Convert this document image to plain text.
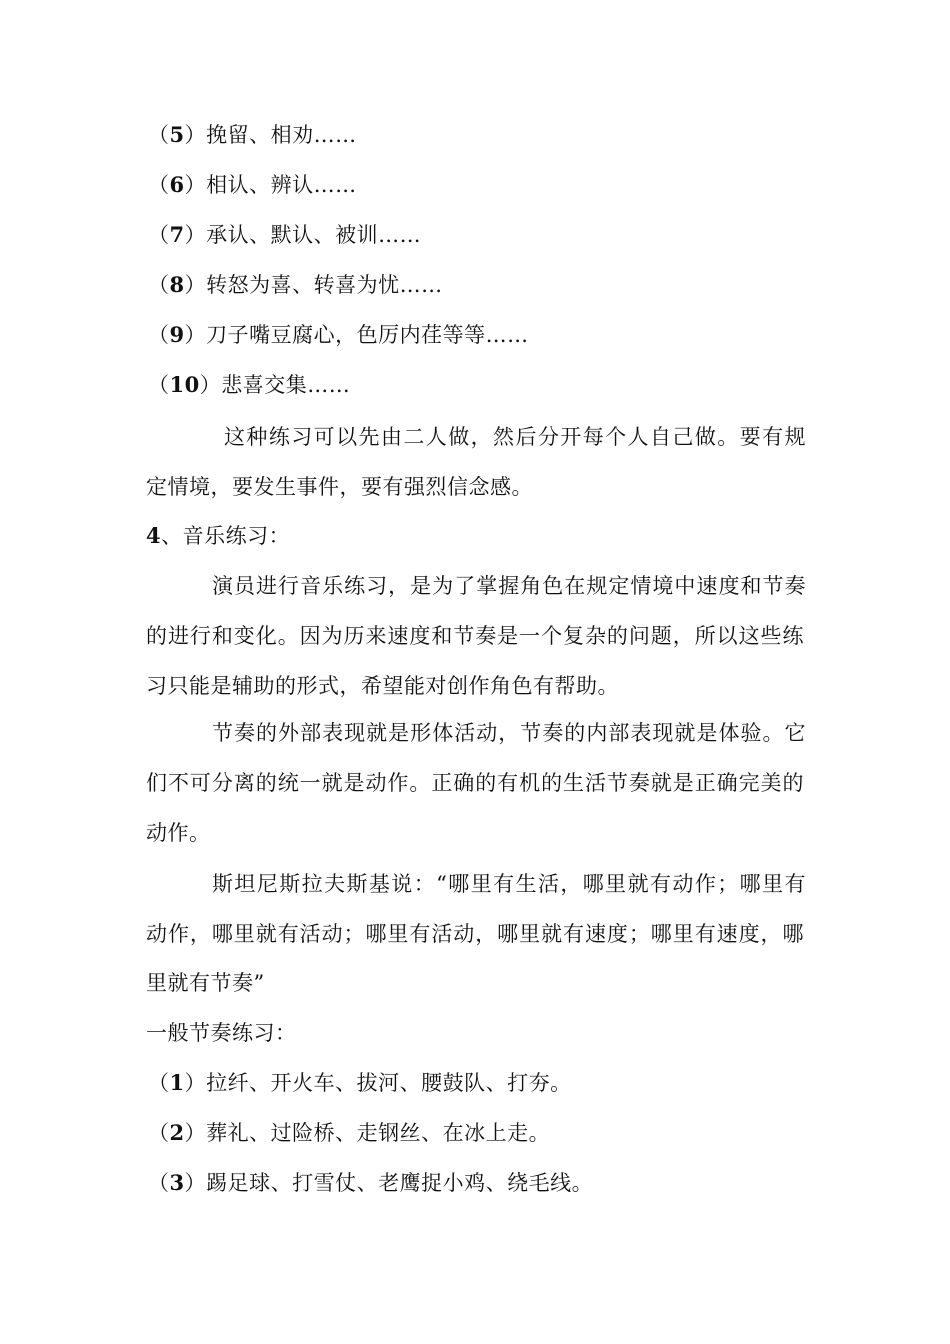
（5）挽留、相劝……
（6）相认、辨认……
（7）承认、默认、被训……
（8）转怒为喜、转喜为忧……
（9）刀子嘴豆腐心，色厉内荏等等……
（10）悲喜交集……
这种练习可以先由二人做，然后分开每个人自己做。要有规
定情境，要发生事件，要有强烈信念感。
4、音乐练习：
演员进行音乐练习，是为了掌握角色在规定情境中速度和节奏
的进行和变化。因为历来速度和节奏是一个复杂的问题，所以这些练
习只能是辅助的形式，希望能对创作角色有帮助。
节奏的外部表现就是形体活动，节奏的内部表现就是体验。它
们不可分离的统一就是动作。正确的有机的生活节奏就是正确完美的
动作。
斯坦尼斯拉夫斯基说：“哪里有生活，哪里就有动作；哪里有
动作，哪里就有活动；哪里有活动，哪里就有速度；哪里有速度，哪
里就有节奏”
一般节奏练习：
（1）拉纤、开火车、拔河、腰鼓队、打夯。
（2）葬礼、过险桥、走钢丝、在冰上走。
（3）踢足球、打雪仗、老鹰捉小鸡、绕毛线。
